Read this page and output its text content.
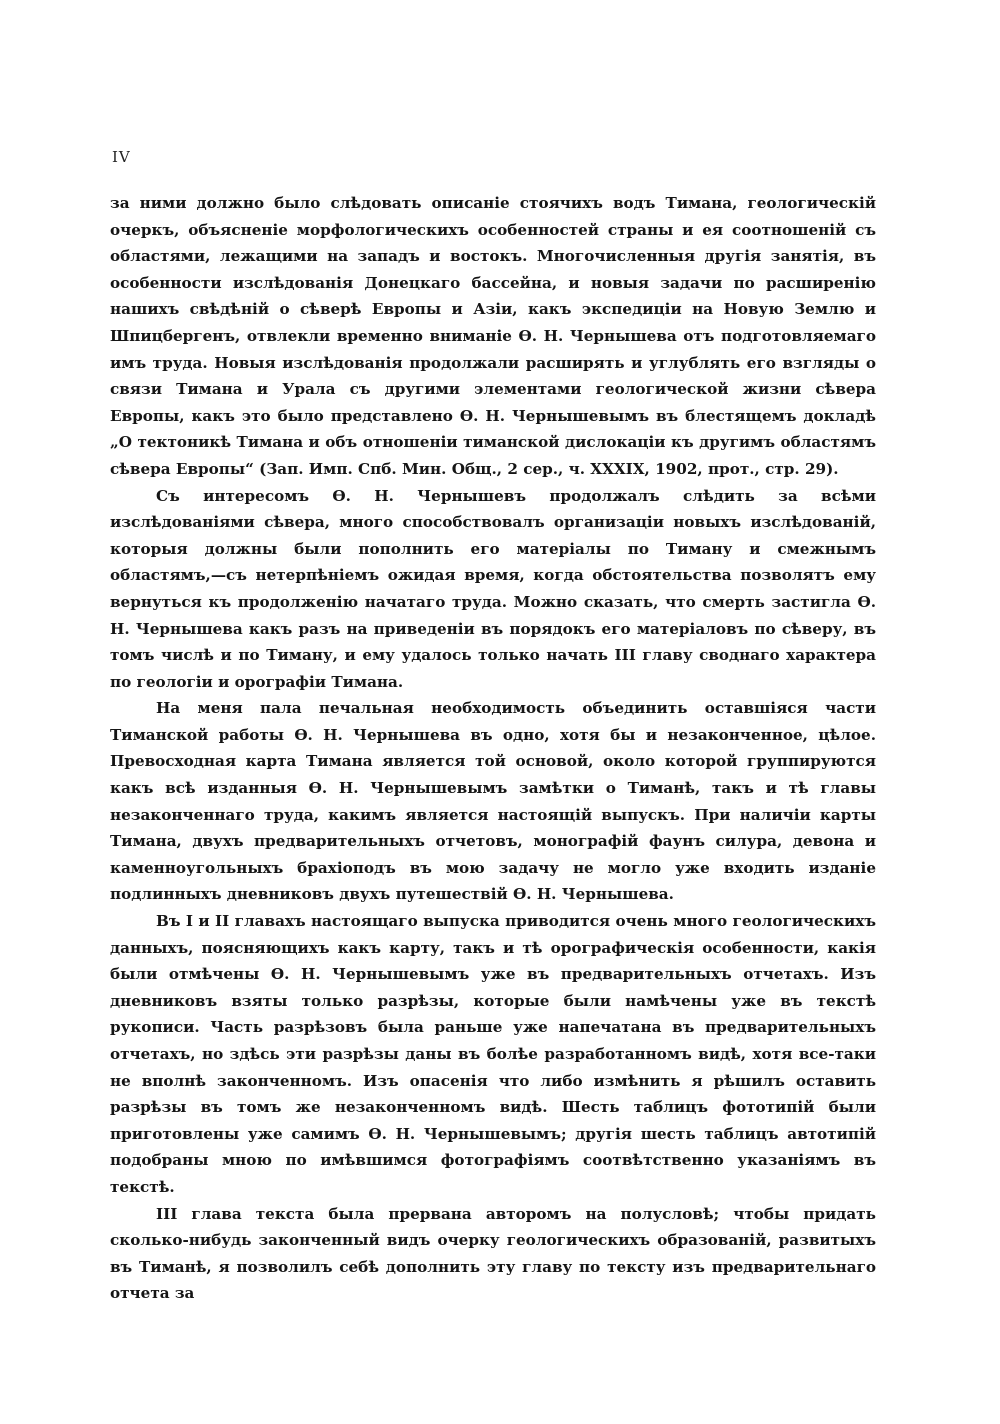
IV

за ними должно было слѣдовать описаніе стоячихъ водъ Тимана, геологическій очеркъ, объясненіе морфологическихъ особенностей страны и ея соотношеній съ областями, лежащими на западъ и востокъ. Многочисленныя другія занятія, въ особенности изслѣдованія Донецкаго бассейна, и новыя задачи по расширенію нашихъ свѣдѣній о сѣверѣ Европы и Азіи, какъ экспедиціи на Новую Землю и Шпицбергенъ, отвлекли временно вниманіе Ѳ. Н. Чернышева отъ подготовляемаго имъ труда. Новыя изслѣдованія продолжали расширять и углублять его взгляды о связи Тимана и Урала съ другими элементами геологической жизни сѣвера Европы, какъ это было представлено Ѳ. Н. Чернышевымъ въ блестящемъ докладѣ „О тектоникѣ Тимана и объ отношеніи тиманской дислокаціи къ другимъ областямъ сѣвера Европы“ (Зап. Имп. Спб. Мин. Общ., 2 сер., ч. XXXIX, 1902, прот., стр. 29).

Съ интересомъ Ѳ. Н. Чернышевъ продолжалъ слѣдить за всѣми изслѣдованіями сѣвера, много способствовалъ организаціи новыхъ изслѣдованій, которыя должны были пополнить его матеріалы по Тиману и смежнымъ областямъ,—съ нетерпѣніемъ ожидая время, когда обстоятельства позволятъ ему вернуться къ продолженію начатаго труда. Можно сказать, что смерть застигла Ѳ. Н. Чернышева какъ разъ на приведеніи въ порядокъ его матеріаловъ по сѣверу, въ томъ числѣ и по Тиману, и ему удалось только начать III главу своднаго характера по геологіи и орографіи Тимана.

На меня пала печальная необходимость объединить оставшіяся части Тиманской работы Ѳ. Н. Чернышева въ одно, хотя бы и незаконченное, цѣлое. Превосходная карта Тимана является той основой, около которой группируются какъ всѣ изданныя Ѳ. Н. Чернышевымъ замѣтки о Тиманѣ, такъ и тѣ главы незаконченнаго труда, какимъ является настоящій выпускъ. При наличіи карты Тимана, двухъ предварительныхъ отчетовъ, монографій фаунъ силура, девона и каменноугольныхъ брахіоподъ въ мою задачу не могло уже входить изданіе подлинныхъ дневниковъ двухъ путешествій Ѳ. Н. Чернышева.

Въ I и II главахъ настоящаго выпуска приводится очень много геологическихъ данныхъ, поясняющихъ какъ карту, такъ и тѣ орографическія особенности, какія были отмѣчены Ѳ. Н. Чернышевымъ уже въ предварительныхъ отчетахъ. Изъ дневниковъ взяты только разрѣзы, которые были намѣчены уже въ текстѣ рукописи. Часть разрѣзовъ была раньше уже напечатана въ предварительныхъ отчетахъ, но здѣсь эти разрѣзы даны въ болѣе разработанномъ видѣ, хотя все-таки не вполнѣ законченномъ. Изъ опасенія что либо измѣнить я рѣшилъ оставить разрѣзы въ томъ же незаконченномъ видѣ. Шесть таблицъ фототипій были приготовлены уже самимъ Ѳ. Н. Чернышевымъ; другія шесть таблицъ автотипій подобраны мною по имѣвшимся фотографіямъ соотвѣтственно указаніямъ въ текстѣ.

III глава текста была прервана авторомъ на полусловѣ; чтобы придать сколько-нибудь законченный видъ очерку геологическихъ образованій, развитыхъ въ Тиманѣ, я позволилъ себѣ дополнить эту главу по тексту изъ предварительнаго отчета за
